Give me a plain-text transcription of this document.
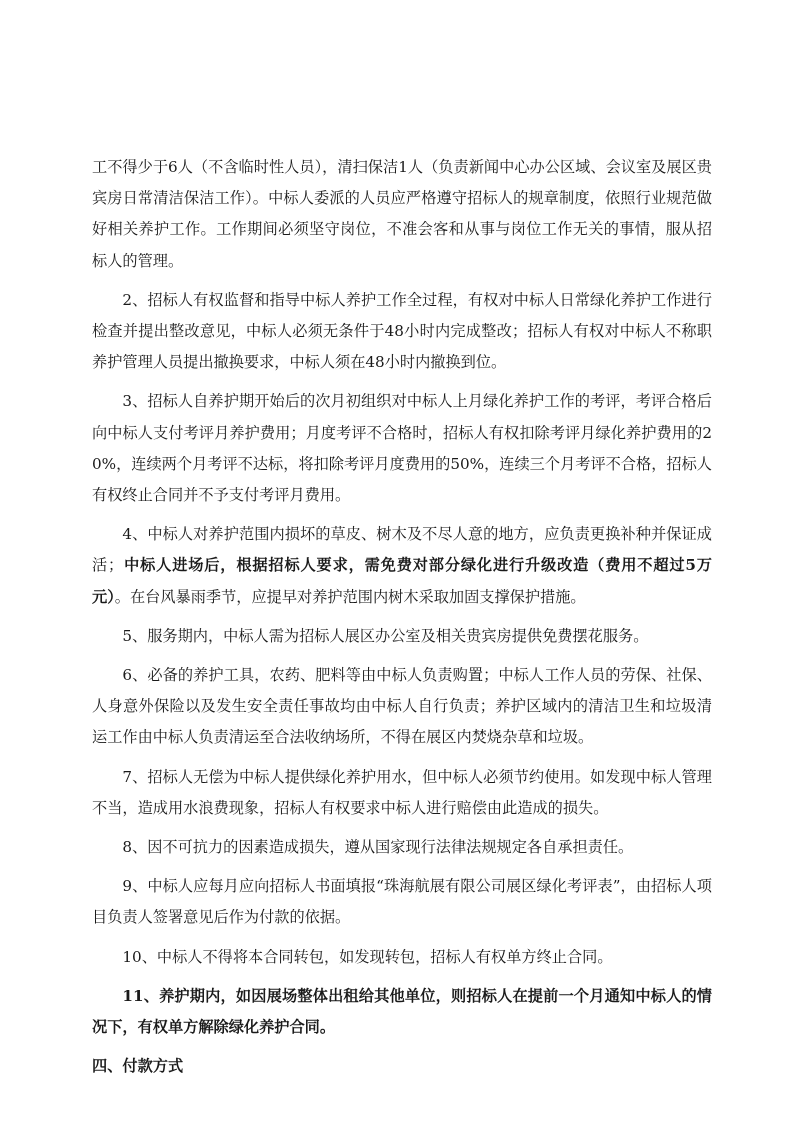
工不得少于6人（不含临时性人员），清扫保洁1人（负责新闻中心办公区域、会议室及展区贵宾房日常清洁保洁工作）。中标人委派的人员应严格遵守招标人的规章制度，依照行业规范做好相关养护工作。工作期间必须坚守岗位，不准会客和从事与岗位工作无关的事情，服从招标人的管理。

2、招标人有权监督和指导中标人养护工作全过程，有权对中标人日常绿化养护工作进行检查并提出整改意见，中标人必须无条件于48小时内完成整改；招标人有权对中标人不称职养护管理人员提出撤换要求，中标人须在48小时内撤换到位。

3、招标人自养护期开始后的次月初组织对中标人上月绿化养护工作的考评，考评合格后向中标人支付考评月养护费用；月度考评不合格时，招标人有权扣除考评月绿化养护费用的20%，连续两个月考评不达标，将扣除考评月度费用的50%，连续三个月考评不合格，招标人有权终止合同并不予支付考评月费用。

4、中标人对养护范围内损坏的草皮、树木及不尽人意的地方，应负责更换补种并保证成活；中标人进场后，根据招标人要求，需免费对部分绿化进行升级改造（费用不超过5万元）。在台风暴雨季节，应提早对养护范围内树木采取加固支撑保护措施。

5、服务期内，中标人需为招标人展区办公室及相关贵宾房提供免费摆花服务。

6、必备的养护工具，农药、肥料等由中标人负责购置；中标人工作人员的劳保、社保、人身意外保险以及发生安全责任事故均由中标人自行负责；养护区域内的清洁卫生和垃圾清运工作由中标人负责清运至合法收纳场所，不得在展区内焚烧杂草和垃圾。

7、招标人无偿为中标人提供绿化养护用水，但中标人必须节约使用。如发现中标人管理不当，造成用水浪费现象，招标人有权要求中标人进行赔偿由此造成的损失。

8、因不可抗力的因素造成损失，遵从国家现行法律法规规定各自承担责任。

9、中标人应每月应向招标人书面填报“珠海航展有限公司展区绿化考评表”，由招标人项目负责人签署意见后作为付款的依据。

10、中标人不得将本合同转包，如发现转包，招标人有权单方终止合同。

11、养护期内，如因展场整体出租给其他单位，则招标人在提前一个月通知中标人的情况下，有权单方解除绿化养护合同。

四、付款方式
